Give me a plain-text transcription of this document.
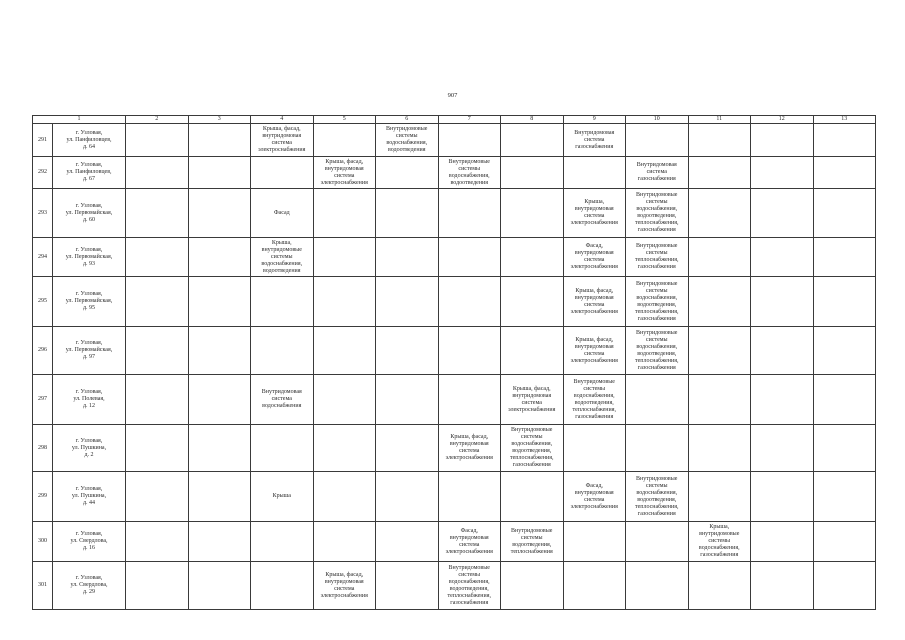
907
1		2	3	4	5	6	7	8	9	10	11	12	13
291	г. Узловая,
ул. Панфиловцев,
д. 64			Крыша, фасад, внутридомовая система электроснабжения		Внутридомовые системы водоснабжения, водоотведения			Внутридомовая система газоснабжения				
292	г. Узловая,
ул. Панфиловцев,
д. 67				Крыша, фасад, внутридомовая система электроснабжения		Внутридомовые системы водоснабжения, водоотведения			Внутридомовая система газоснабжения			
293	г. Узловая,
ул. Первомайская,
д. 60			Фасад					Крыша, внутридомовая система электроснабжения	Внутридомовые системы водоснабжения, водоотведения, теплоснабжения, газоснабжения			
294	г. Узловая,
ул. Первомайская,
д. 93			Крыша, внутридомовые системы водоснабжения, водоотведения					Фасад, внутридомовая система электроснабжения	Внутридомовые системы теплоснабжения, газоснабжения			
295	г. Узловая,
ул. Первомайская,
д. 95								Крыша, фасад, внутридомовая система электроснабжения	Внутридомовые системы водоснабжения, водоотведения, теплоснабжения, газоснабжения			
296	г. Узловая,
ул. Первомайская,
д. 97								Крыша, фасад, внутридомовая система электроснабжения	Внутридомовые системы водоснабжения, водоотведения, теплоснабжения, газоснабжения			
297	г. Узловая,
ул. Полевая,
д. 12			Внутридомовая система водоснабжения				Крыша, фасад, внутридомовая система электроснабжения	Внутридомовые системы водоснабжения, водоотведения, теплоснабжения, газоснабжения				
298	г. Узловая,
ул. Пушкина,
д. 2						Крыша, фасад, внутридомовая система электроснабжения	Внутридомовые системы водоснабжения, водоотведения, теплоснабжения, газоснабжения					
299	г. Узловая,
ул. Пушкина,
д. 44			Крыша					Фасад, внутридомовая система электроснабжения	Внутридомовые системы водоснабжения, водоотведения, теплоснабжения, газоснабжения			
300	г. Узловая,
ул. Свердлова,
д. 16						Фасад, внутридомовая система электроснабжения	Внутридомовые системы водоотведения, теплоснабжения			Крыша, внутридомовые системы водоснабжения, газоснабжения		
301	г. Узловая,
ул. Свердлова,
д. 29				Крыша, фасад, внутридомовая система электроснабжения		Внутридомовые системы водоснабжения, водоотведения, теплоснабжения, газоснабжения						
